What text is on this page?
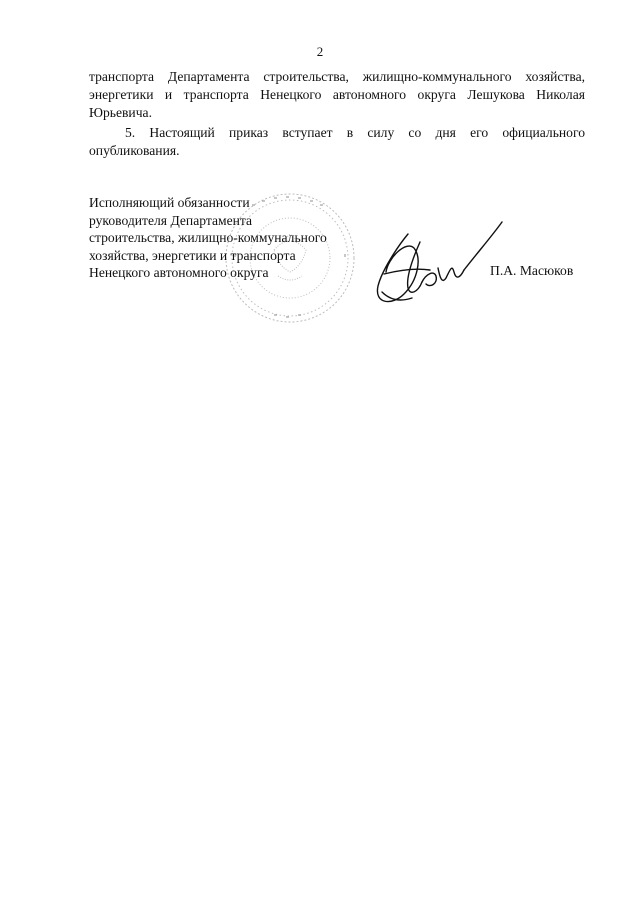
2

транспорта Департамента строительства, жилищно-коммунального хозяйства,
энергетики и транспорта Ненецкого автономного округа Лешукова Николая
Юрьевича.

5. Настоящий приказ вступает в силу со дня его официального
опубликования.

Исполняющий обязанности
руководителя Департамента
строительства, жилищно-коммунального
хозяйства, энергетики и транспорта
Ненецкого автономного округа	П.А. Масюков
